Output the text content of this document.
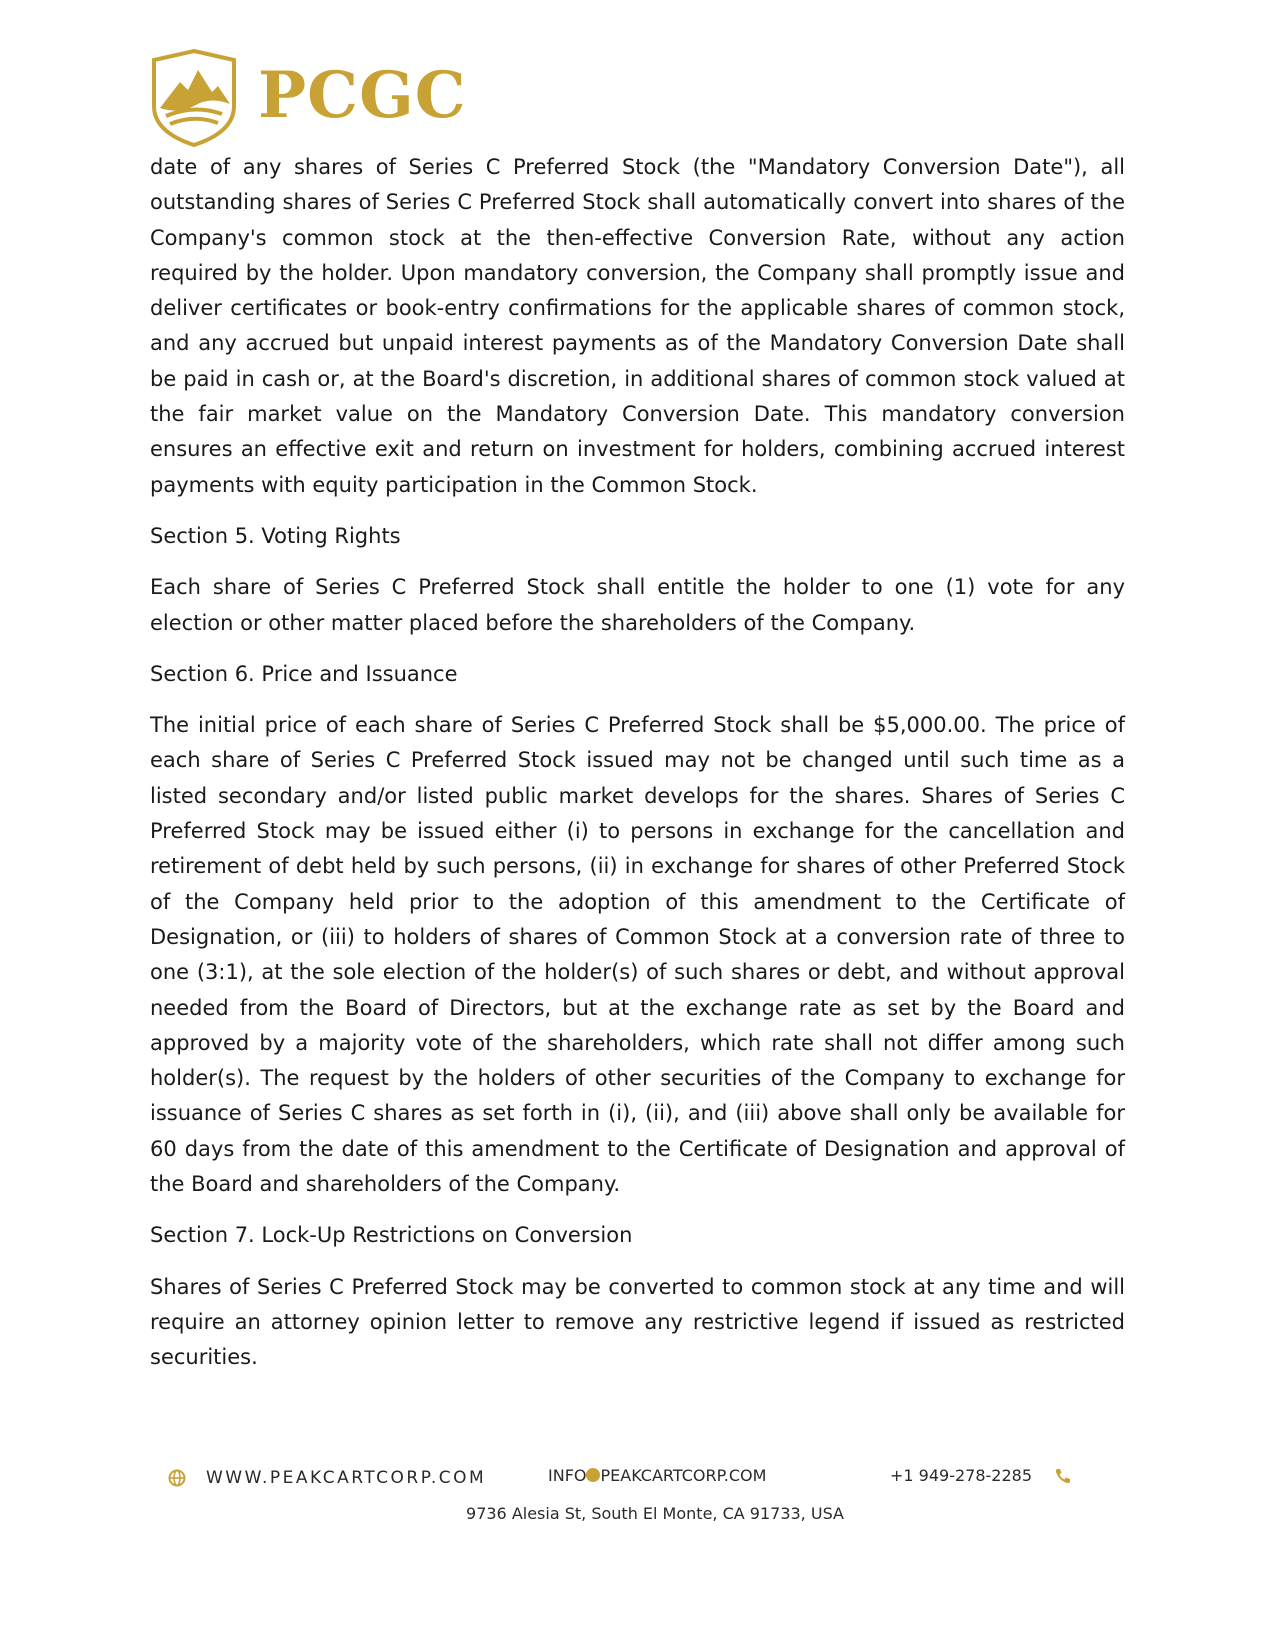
PCGC

date of any shares of Series C Preferred Stock (the "Mandatory Conversion Date"), all outstanding shares of Series C Preferred Stock shall automatically convert into shares of the Company's common stock at the then-effective Conversion Rate, without any action required by the holder. Upon mandatory conversion, the Company shall promptly issue and deliver certificates or book-entry confirmations for the applicable shares of common stock, and any accrued but unpaid interest payments as of the Mandatory Conversion Date shall be paid in cash or, at the Board's discretion, in additional shares of common stock valued at the fair market value on the Mandatory Conversion Date. This mandatory conversion ensures an effective exit and return on investment for holders, combining accrued interest payments with equity participation in the Common Stock.

Section 5. Voting Rights

Each share of Series C Preferred Stock shall entitle the holder to one (1) vote for any election or other matter placed before the shareholders of the Company.

Section 6. Price and Issuance

The initial price of each share of Series C Preferred Stock shall be $5,000.00. The price of each share of Series C Preferred Stock issued may not be changed until such time as a listed secondary and/or listed public market develops for the shares. Shares of Series C Preferred Stock may be issued either (i) to persons in exchange for the cancellation and retirement of debt held by such persons, (ii) in exchange for shares of other Preferred Stock of the Company held prior to the adoption of this amendment to the Certificate of Designation, or (iii) to holders of shares of Common Stock at a conversion rate of three to one (3:1), at the sole election of the holder(s) of such shares or debt, and without approval needed from the Board of Directors, but at the exchange rate as set by the Board and approved by a majority vote of the shareholders, which rate shall not differ among such holder(s). The request by the holders of other securities of the Company to exchange for issuance of Series C shares as set forth in (i), (ii), and (iii) above shall only be available for 60 days from the date of this amendment to the Certificate of Designation and approval of the Board and shareholders of the Company.

Section 7. Lock-Up Restrictions on Conversion

Shares of Series C Preferred Stock may be converted to common stock at any time and will require an attorney opinion letter to remove any restrictive legend if issued as restricted securities.

WWW.PEAKCARTCORP.COM	INFO PEAKCARTCORP.COM	+1 949-278-2285
9736 Alesia St, South El Monte, CA 91733, USA
